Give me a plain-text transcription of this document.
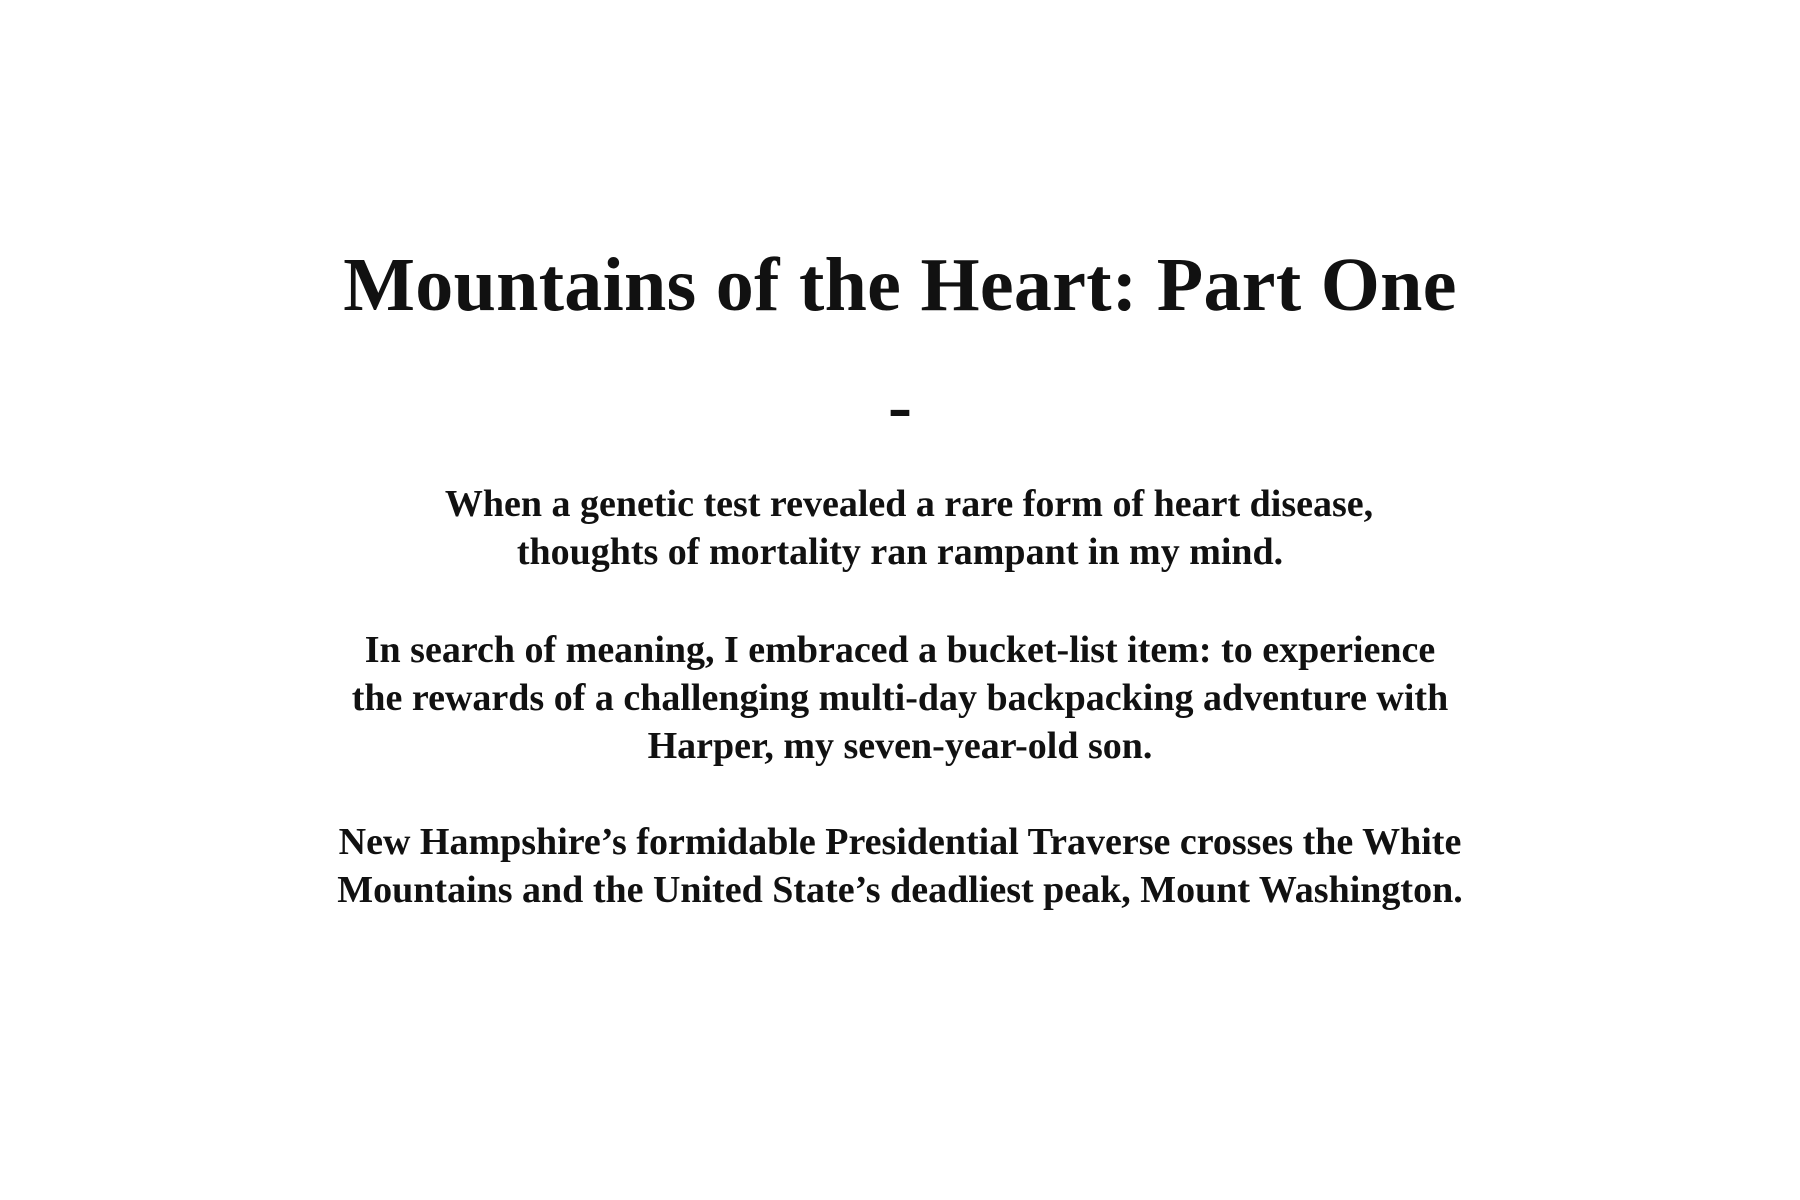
Mountains of the Heart: Part One
-

When a genetic test revealed a rare form of heart disease,
thoughts of mortality ran rampant in my mind.

In search of meaning, I embraced a bucket-list item: to experience
the rewards of a challenging multi-day backpacking adventure with
Harper, my seven-year-old son.

New Hampshire’s formidable Presidential Traverse crosses the White
Mountains and the United State’s deadliest peak, Mount Washington.
